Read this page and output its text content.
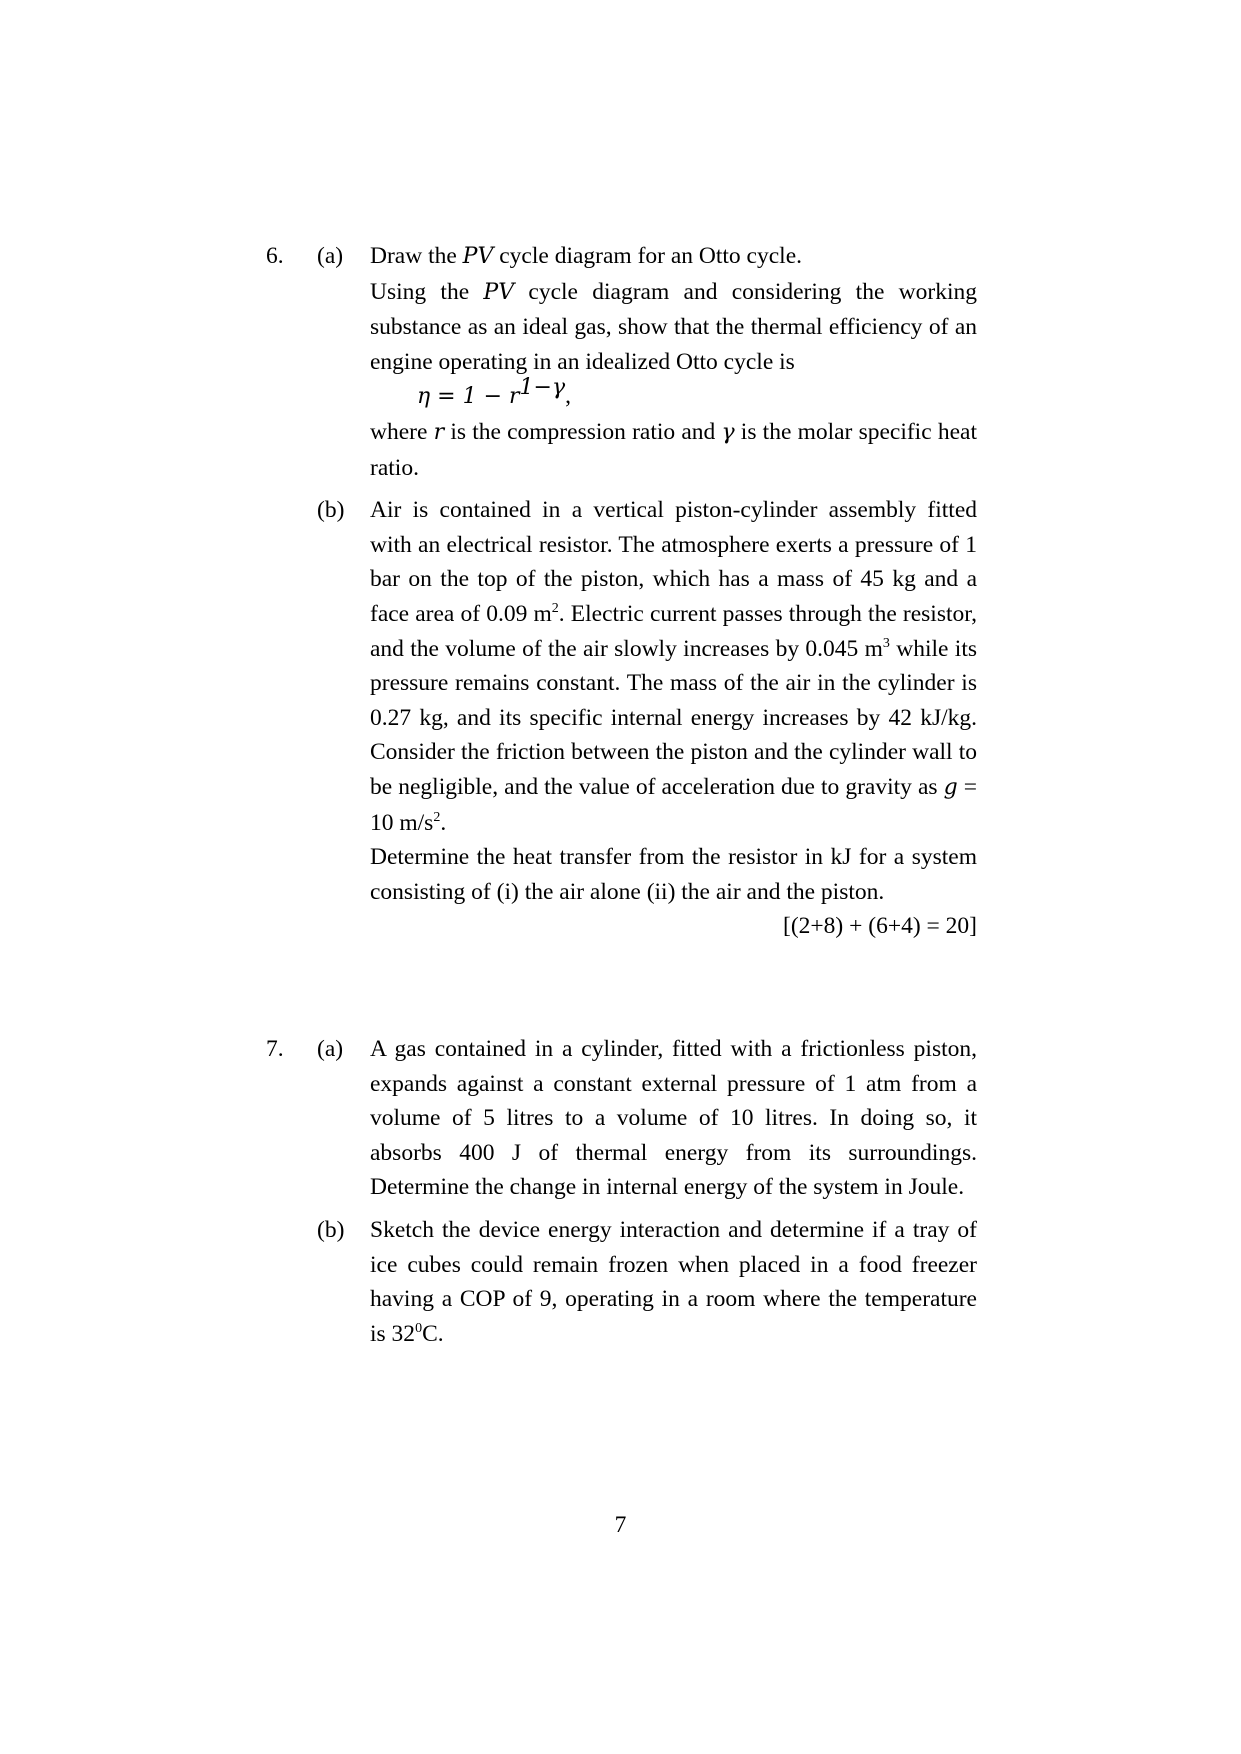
6. (a) Draw the PV cycle diagram for an Otto cycle.

Using the PV cycle diagram and considering the working substance as an ideal gas, show that the thermal efficiency of an engine operating in an idealized Otto cycle is

$\eta = 1 - r^{1-\gamma}$,

where r is the compression ratio and γ is the molar specific heat ratio.

(b) Air is contained in a vertical piston-cylinder assembly fitted with an electrical resistor. The atmosphere exerts a pressure of 1 bar on the top of the piston, which has a mass of 45 kg and a face area of 0.09 $m^2$. Electric current passes through the resistor, and the volume of the air slowly increases by 0.045 $m^3$ while its pressure remains constant. The mass of the air in the cylinder is 0.27 kg, and its specific internal energy increases by 42 kJ/kg. Consider the friction between the piston and the cylinder wall to be negligible, and the value of acceleration due to gravity as g = 10 $m/s^2$.

Determine the heat transfer from the resistor in kJ for a system consisting of (i) the air alone (ii) the air and the piston.

[(2+8) + (6+4) = 20]

7. (a) A gas contained in a cylinder, fitted with a frictionless piston, expands against a constant external pressure of 1 atm from a volume of 5 litres to a volume of 10 litres. In doing so, it absorbs 400 J of thermal energy from its surroundings. Determine the change in internal energy of the system in Joule.

(b) Sketch the device energy interaction and determine if a tray of ice cubes could remain frozen when placed in a food freezer having a COP of 9, operating in a room where the temperature is $32^0C$.

7
